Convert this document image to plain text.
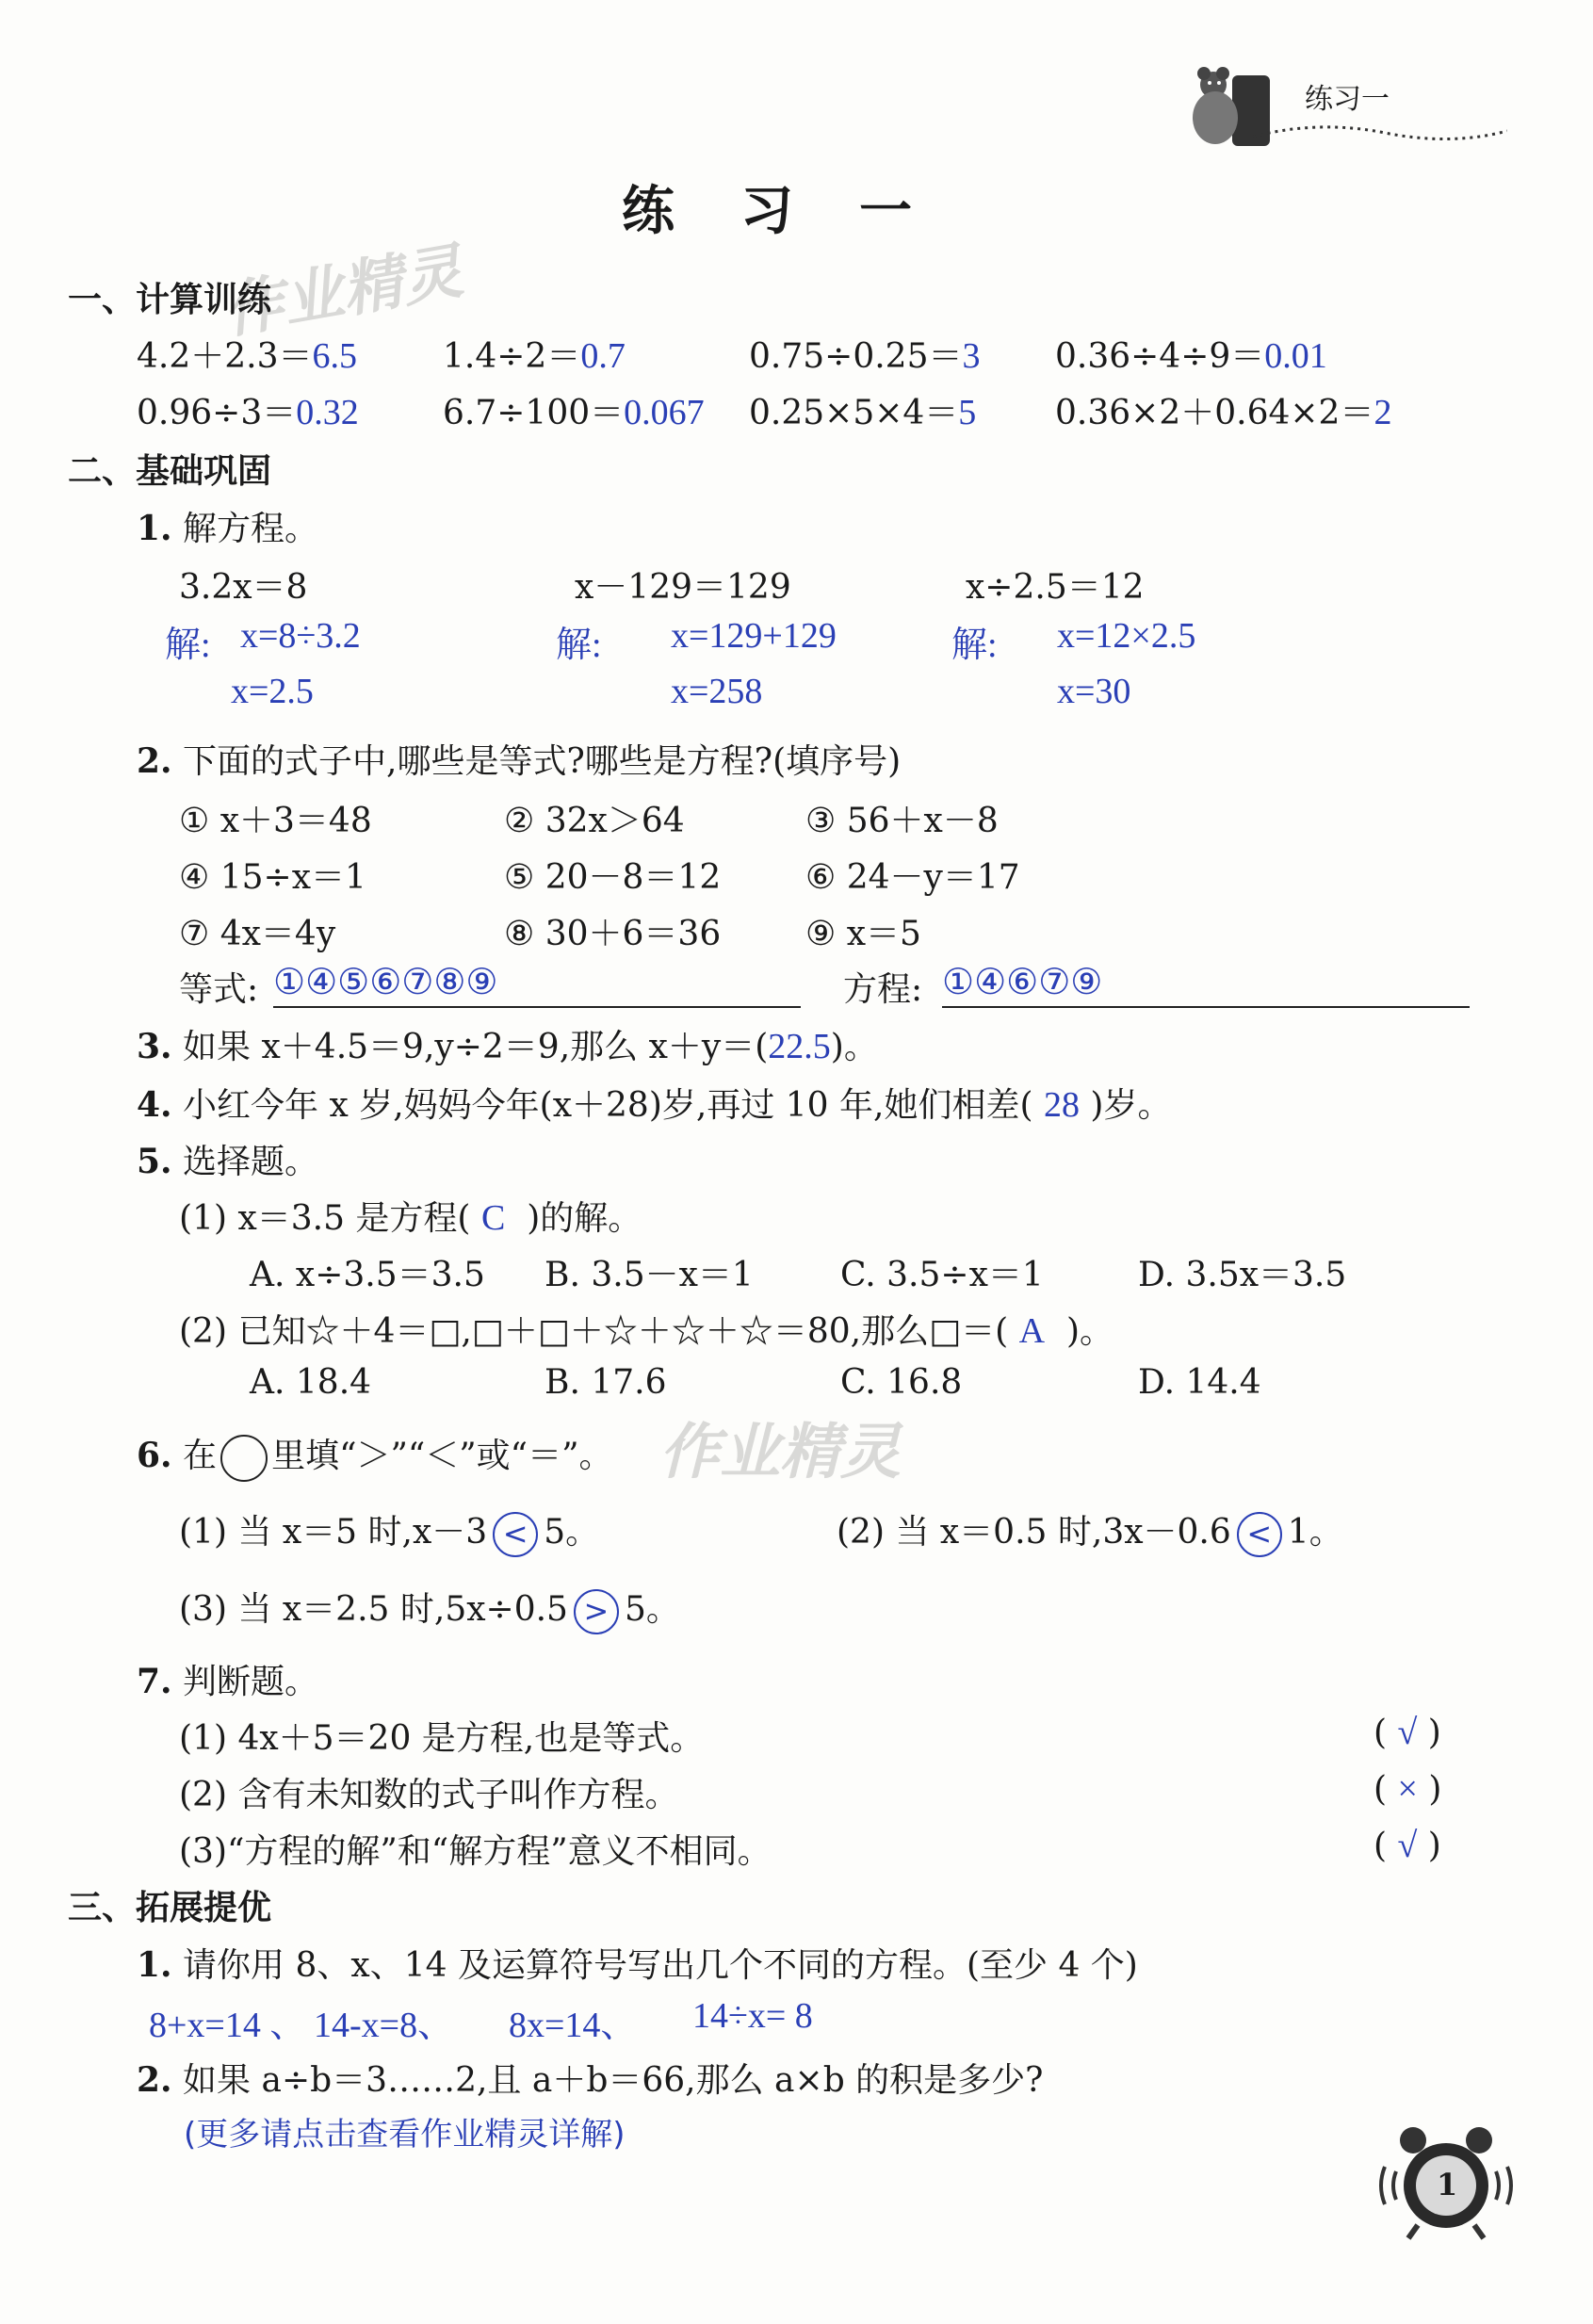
练习一
练习一
作业精灵
作业精灵
一、计算训练
4.2＋2.3＝6.5	1.4÷2＝0.7	0.75÷0.25＝3 0.36÷4÷9＝0.01
0.96÷3＝0.32 6.7÷100＝0.067 0.25×5×4＝5 0.36×2＋0.64×2＝2
二、基础巩固
1. 解方程。
3.2x＝8	x－129＝129	x÷2.5＝12
解: x=8÷3.2
x=2.5
解: x=129+129
x=258
解: x=12×2.5
x=30
2. 下面的式子中,哪些是等式?哪些是方程?(填序号)
① x＋3＝48	② 32x＞64	③ 56＋x－8
④ 15÷x＝1	⑤ 20－8＝12 ⑥ 24－y＝17
⑦ 4x＝4y	⑧ 30＋6＝36 ⑨ x＝5
等式: ①④⑤⑥⑦⑧⑨	方程: ①④⑥⑦⑨
3. 如果 x＋4.5＝9,y÷2＝9,那么 x＋y＝(22.5)。
4. 小红今年 x 岁,妈妈今年(x＋28)岁,再过 10 年,她们相差( 28 )岁。
5. 选择题。
(1) x＝3.5 是方程( C )的解。
A. x÷3.5＝3.5 B. 3.5－x＝1	C. 3.5÷x＝1	D. 3.5x＝3.5
(2) 已知☆＋4＝□,□＋□＋☆＋☆＋☆＝80,那么□＝( A )。
A. 18.4	B. 17.6	C. 16.8	D. 14.4
6. 在 里填“＞”“＜”或“＝”。
(1) 当 x＝5 时,x－3 < 5。	(2) 当 x＝0.5 时,3x－0.6 < 1。
(3) 当 x＝2.5 时,5x÷0.5 > 5。
7. 判断题。
(1) 4x＋5＝20 是方程,也是等式。	( √ )
(2) 含有未知数的式子叫作方程。	( × )
(3)“方程的解”和“解方程”意义不相同。	( √ )
三、拓展提优
1. 请你用 8、x、14 及运算符号写出几个不同的方程。(至少 4 个)
8+x=14 、 14-x=8、 8x=14、 14÷x= 8
2. 如果 a÷b＝3……2,且 a＋b＝66,那么 a×b 的积是多少?
(更多请点击查看作业精灵详解)
1
